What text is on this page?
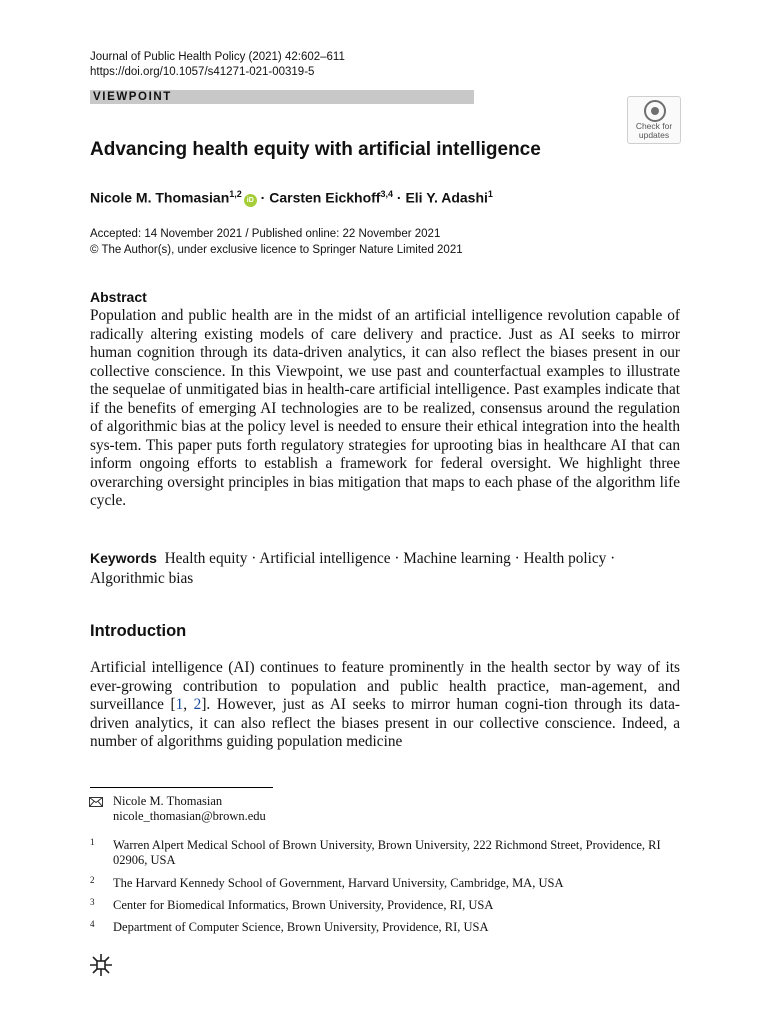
Journal of Public Health Policy (2021) 42:602–611
https://doi.org/10.1057/s41271-021-00319-5
VIEWPOINT
Check for
updates
Advancing health equity with artificial intelligence
Nicole M. Thomasian$^{1,2}$iD · Carsten Eickhoff$^{3,4}$ · Eli Y. Adashi$^1$
Accepted: 14 November 2021 / Published online: 22 November 2021
© The Author(s), under exclusive licence to Springer Nature Limited 2021
Abstract
Population and public health are in the midst of an artificial intelligence revolution capable of radically altering existing models of care delivery and practice. Just as AI seeks to mirror human cognition through its data-driven analytics, it can also reflect the biases present in our collective conscience. In this Viewpoint, we use past and counterfactual examples to illustrate the sequelae of unmitigated bias in health-care artificial intelligence. Past examples indicate that if the benefits of emerging AI technologies are to be realized, consensus around the regulation of algorithmic bias at the policy level is needed to ensure their ethical integration into the health sys-tem. This paper puts forth regulatory strategies for uprooting bias in healthcare AI that can inform ongoing efforts to establish a framework for federal oversight. We highlight three overarching oversight principles in bias mitigation that maps to each phase of the algorithm life cycle.
Keywords Health equity · Artificial intelligence · Machine learning · Health policy · Algorithmic bias
Introduction
Artificial intelligence (AI) continues to feature prominently in the health sector by way of its ever-growing contribution to population and public health practice, man-agement, and surveillance [1, 2]. However, just as AI seeks to mirror human cogni-tion through its data-driven analytics, it can also reflect the biases present in our collective conscience. Indeed, a number of algorithms guiding population medicine
Nicole M. Thomasian
nicole_thomasian@brown.edu
1 Warren Alpert Medical School of Brown University, Brown University, 222 Richmond Street, Providence, RI 02906, USA
2 The Harvard Kennedy School of Government, Harvard University, Cambridge, MA, USA
3 Center for Biomedical Informatics, Brown University, Providence, RI, USA
4 Department of Computer Science, Brown University, Providence, RI, USA
